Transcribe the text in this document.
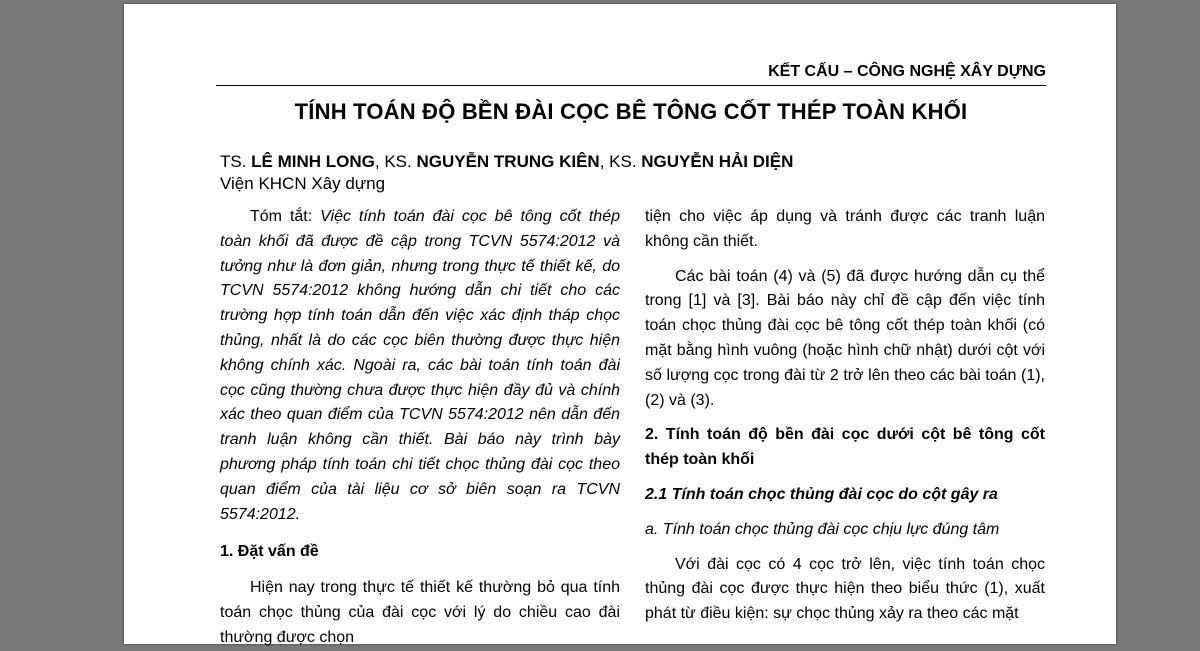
KẾT CẤU – CÔNG NGHỆ XÂY DỰNG
TÍNH TOÁN ĐỘ BỀN ĐÀI CỌC BÊ TÔNG CỐT THÉP TOÀN KHỐI
TS. LÊ MINH LONG, KS. NGUYỄN TRUNG KIÊN, KS. NGUYỄN HẢI DIỆN
Viện KHCN Xây dựng

Tóm tắt: Việc tính toán đài cọc bê tông cốt thép toàn khối đã được đề cập trong TCVN 5574:2012 và tưởng như là đơn giản, nhưng trong thực tế thiết kế, do TCVN 5574:2012 không hướng dẫn chi tiết cho các trường hợp tính toán dẫn đến việc xác định tháp chọc thủng, nhất là do các cọc biên thường được thực hiện không chính xác. Ngoài ra, các bài toán tính toán đài cọc cũng thường chưa được thực hiện đầy đủ và chính xác theo quan điểm của TCVN 5574:2012 nên dẫn đến tranh luận không cần thiết. Bài báo này trình bày phương pháp tính toán chi tiết chọc thủng đài cọc theo quan điểm của tài liệu cơ sở biên soạn ra TCVN 5574:2012.

1. Đặt vấn đề

Hiện nay trong thực tế thiết kế thường bỏ qua tính toán chọc thủng của đài cọc với lý do chiều cao đài thường được chọn

tiện cho việc áp dụng và tránh được các tranh luận không cần thiết.

Các bài toán (4) và (5) đã được hướng dẫn cụ thể trong [1] và [3]. Bài báo này chỉ đề cập đến việc tính toán chọc thủng đài cọc bê tông cốt thép toàn khối (có mặt bằng hình vuông (hoặc hình chữ nhật) dưới cột với số lượng cọc trong đài từ 2 trở lên theo các bài toán (1), (2) và (3).

2. Tính toán độ bền đài cọc dưới cột bê tông cốt thép toàn khối

2.1 Tính toán chọc thủng đài cọc do cột gây ra

a. Tính toán chọc thủng đài cọc chịu lực đúng tâm

Với đài cọc có 4 cọc trở lên, việc tính toán chọc thủng đài cọc được thực hiện theo biểu thức (1), xuất phát từ điều kiện: sự chọc thủng xảy ra theo các mặt
